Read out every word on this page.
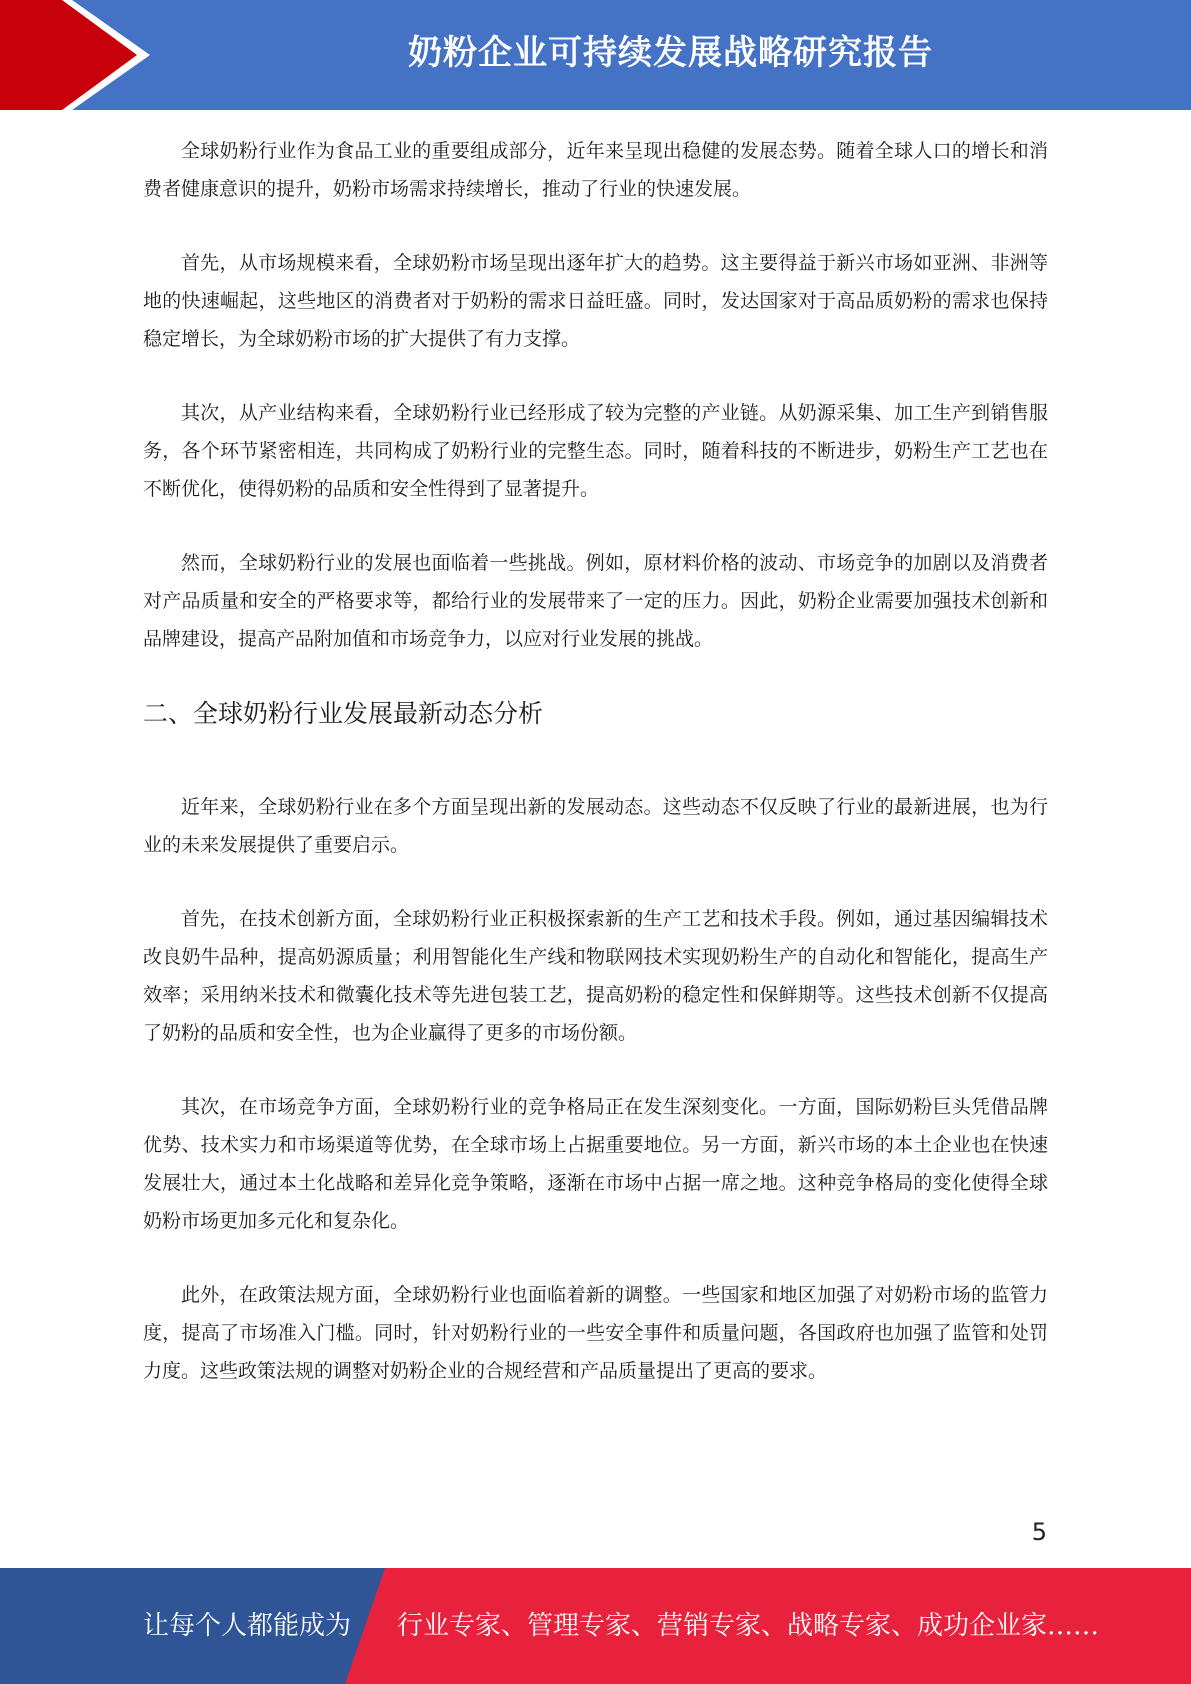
奶粉企业可持续发展战略研究报告

全球奶粉行业作为食品工业的重要组成部分，近年来呈现出稳健的发展态势。随着全球人口的增长和消费者健康意识的提升，奶粉市场需求持续增长，推动了行业的快速发展。

首先，从市场规模来看，全球奶粉市场呈现出逐年扩大的趋势。这主要得益于新兴市场如亚洲、非洲等地的快速崛起，这些地区的消费者对于奶粉的需求日益旺盛。同时，发达国家对于高品质奶粉的需求也保持稳定增长，为全球奶粉市场的扩大提供了有力支撑。

其次，从产业结构来看，全球奶粉行业已经形成了较为完整的产业链。从奶源采集、加工生产到销售服务，各个环节紧密相连，共同构成了奶粉行业的完整生态。同时，随着科技的不断进步，奶粉生产工艺也在不断优化，使得奶粉的品质和安全性得到了显著提升。

然而，全球奶粉行业的发展也面临着一些挑战。例如，原材料价格的波动、市场竞争的加剧以及消费者对产品质量和安全的严格要求等，都给行业的发展带来了一定的压力。因此，奶粉企业需要加强技术创新和品牌建设，提高产品附加值和市场竞争力，以应对行业发展的挑战。

二、全球奶粉行业发展最新动态分析

近年来，全球奶粉行业在多个方面呈现出新的发展动态。这些动态不仅反映了行业的最新进展，也为行业的未来发展提供了重要启示。

首先，在技术创新方面，全球奶粉行业正积极探索新的生产工艺和技术手段。例如，通过基因编辑技术改良奶牛品种，提高奶源质量；利用智能化生产线和物联网技术实现奶粉生产的自动化和智能化，提高生产效率；采用纳米技术和微囊化技术等先进包装工艺，提高奶粉的稳定性和保鲜期等。这些技术创新不仅提高了奶粉的品质和安全性，也为企业赢得了更多的市场份额。

其次，在市场竞争方面，全球奶粉行业的竞争格局正在发生深刻变化。一方面，国际奶粉巨头凭借品牌优势、技术实力和市场渠道等优势，在全球市场上占据重要地位。另一方面，新兴市场的本土企业也在快速发展壮大，通过本土化战略和差异化竞争策略，逐渐在市场中占据一席之地。这种竞争格局的变化使得全球奶粉市场更加多元化和复杂化。

此外，在政策法规方面，全球奶粉行业也面临着新的调整。一些国家和地区加强了对奶粉市场的监管力度，提高了市场准入门槛。同时，针对奶粉行业的一些安全事件和质量问题，各国政府也加强了监管和处罚力度。这些政策法规的调整对奶粉企业的合规经营和产品质量提出了更高的要求。

5
让每个人都能成为 行业专家、管理专家、营销专家、战略专家、成功企业家……
